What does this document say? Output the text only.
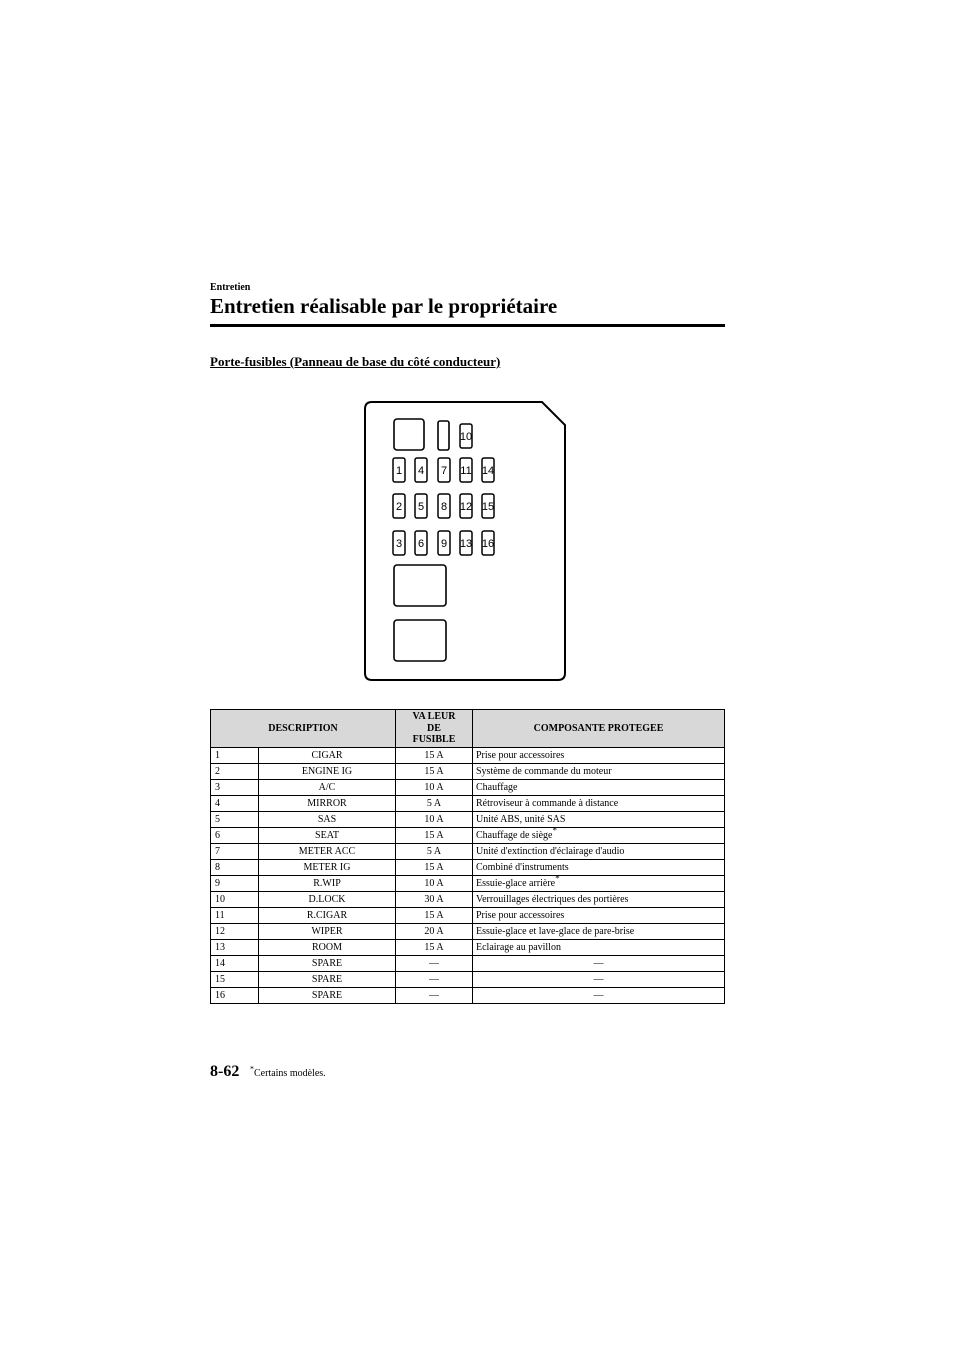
Entretien
Entretien réalisable par le propriétaire
Porte-fusibles (Panneau de base du côté conducteur)
1
2
3
4
5
6
7
8
9
10
11
12
13
14
15
16
DESCRIPTION		VA LEUR
DE
FUSIBLE	COMPOSANTE PROTEGEE
1	CIGAR	15 A	Prise pour accessoires
2	ENGINE IG	15 A	Système de commande du moteur
3	A/C	10 A	Chauffage
4	MIRROR	5 A	Rétroviseur à commande à distance
5	SAS	10 A	Unité ABS, unité SAS
6	SEAT	15 A	Chauffage de siège*
7	METER ACC	5 A	Unité d'extinction d'éclairage d'audio
8	METER IG	15 A	Combiné d'instruments
9	R.WIP	10 A	Essuie-glace arrière*
10	D.LOCK	30 A	Verrouillages électriques des portières
11	R.CIGAR	15 A	Prise pour accessoires
12	WIPER	20 A	Essuie-glace et lave-glace de pare-brise
13	ROOM	15 A	Eclairage au pavillon
14	SPARE	—	—
15	SPARE	—	—
16	SPARE	—	—
8-62 *Certains modèles.
